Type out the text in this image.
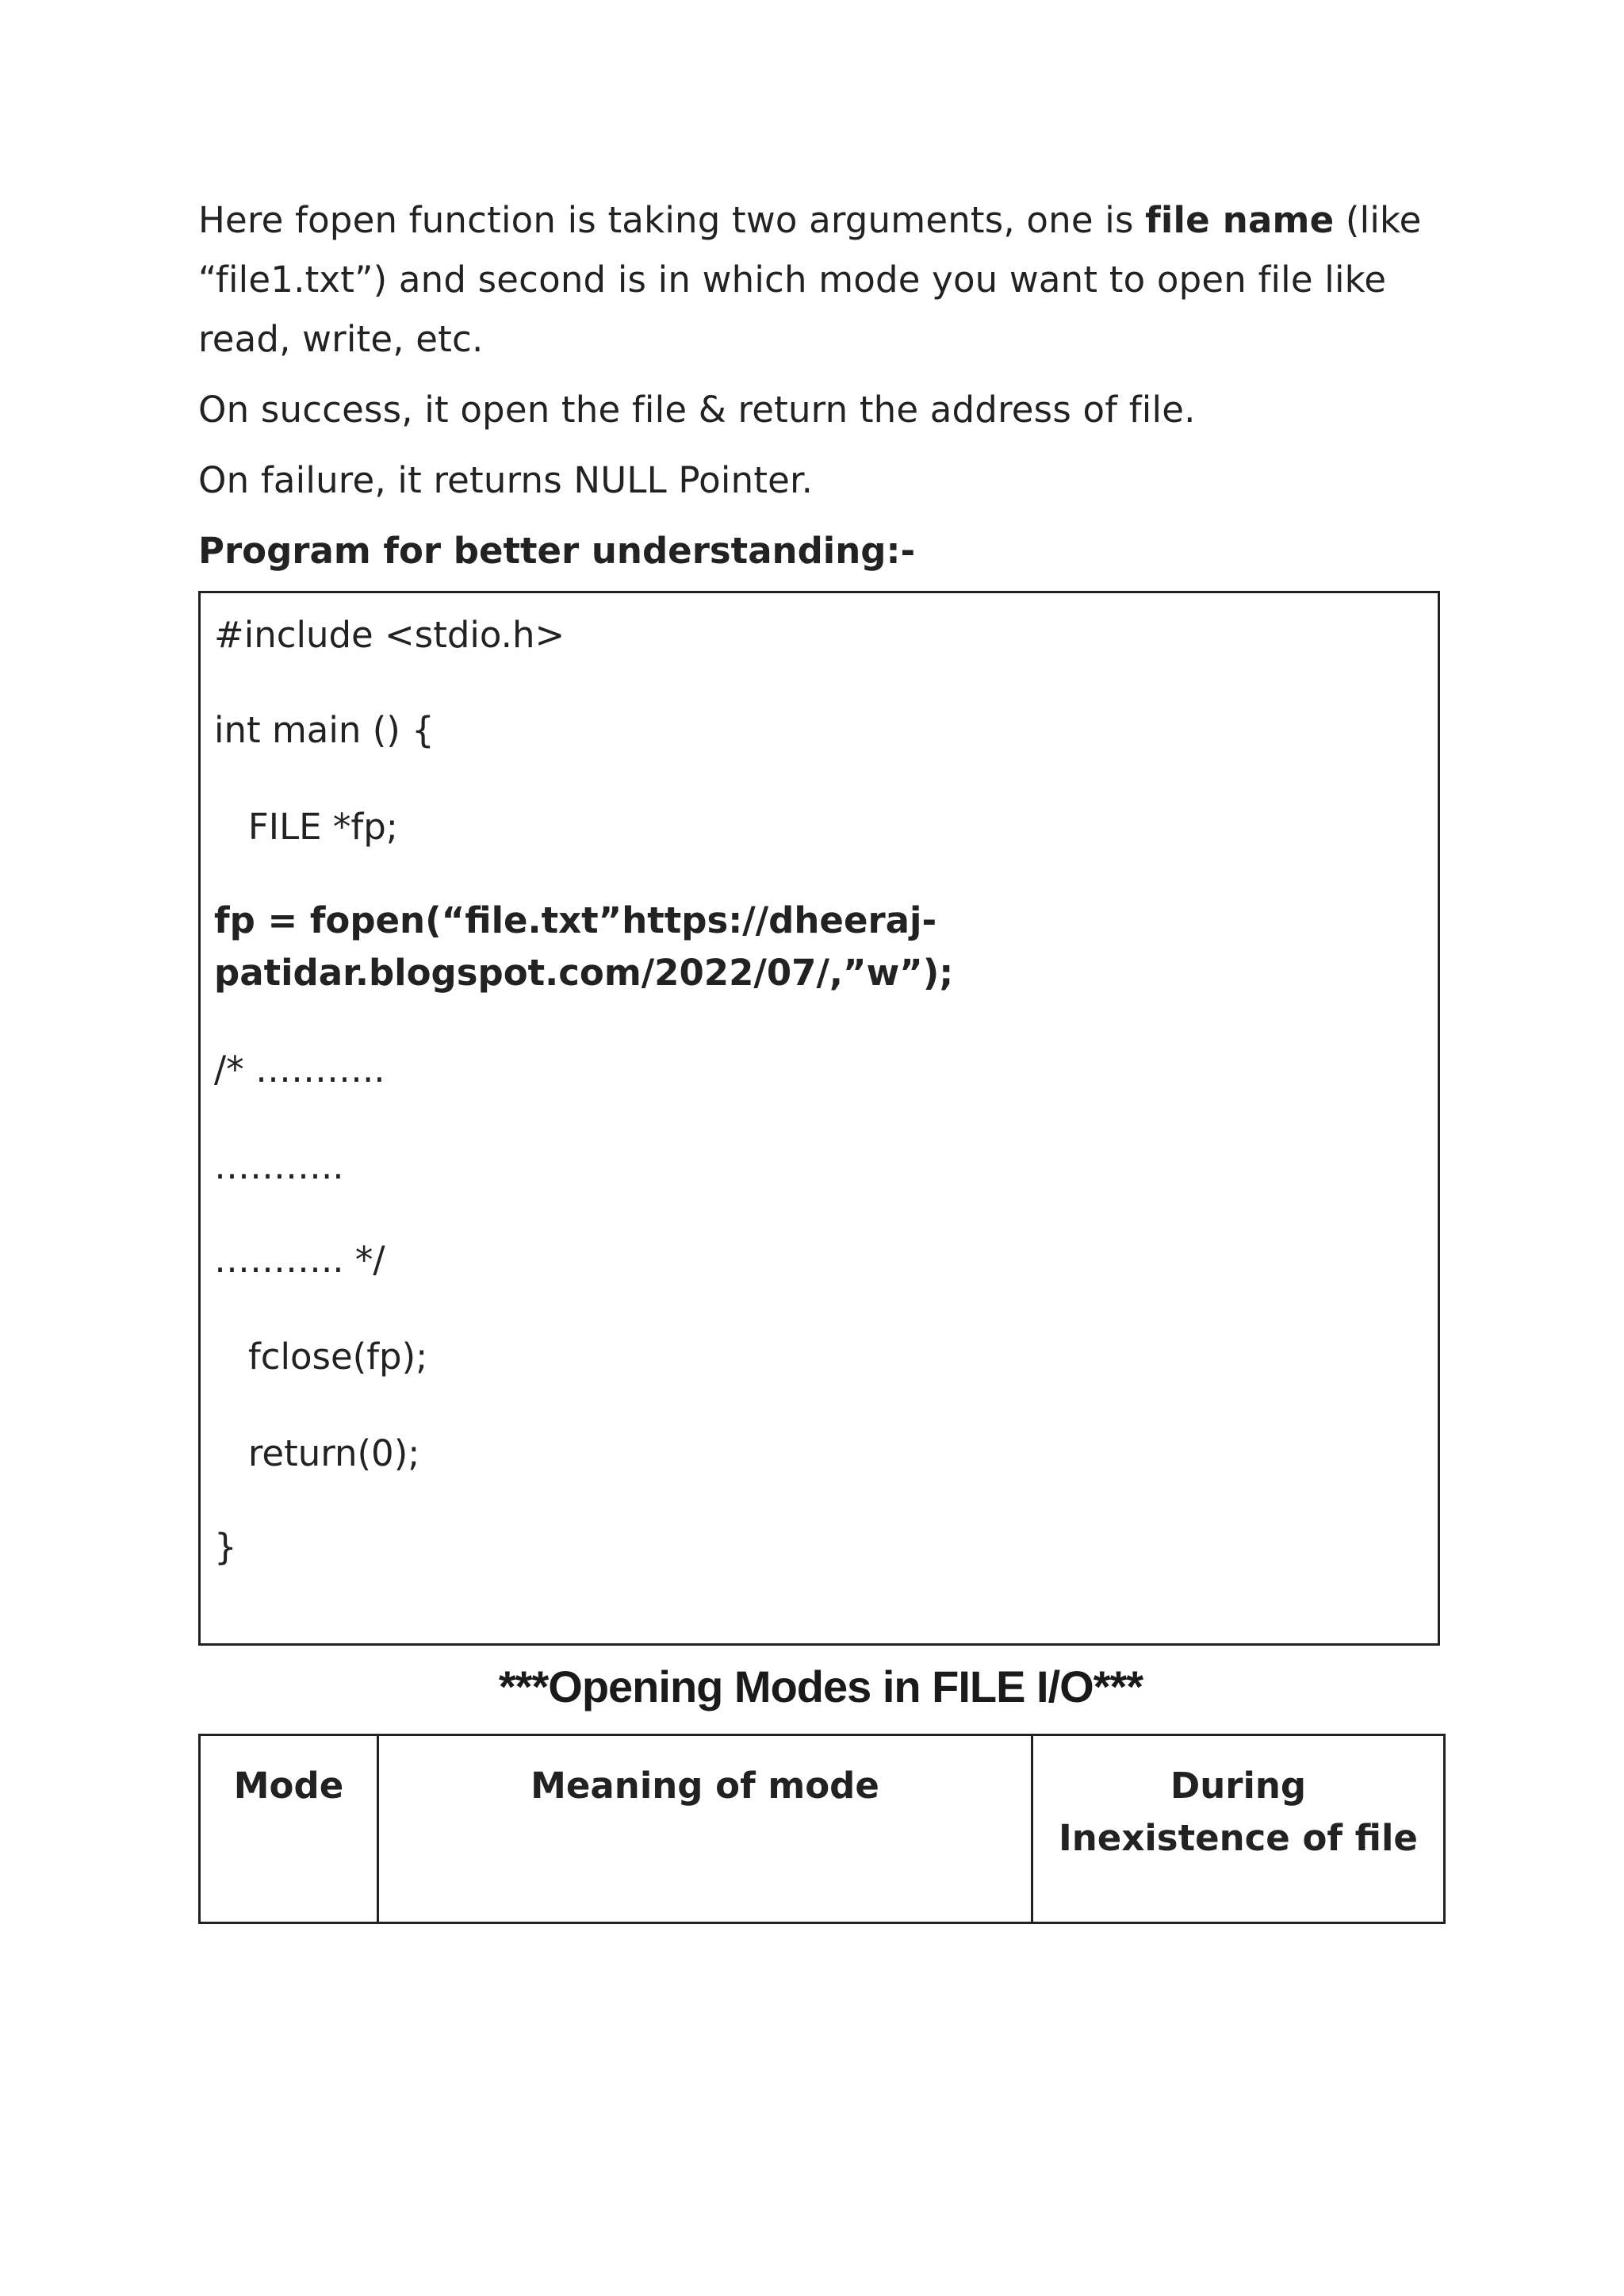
Here fopen function is taking two arguments, one is file name (like “file1.txt”) and second is in which mode you want to open file like read, write, etc.

On success, it open the file & return the address of file.

On failure, it returns NULL Pointer.

Program for better understanding:-

#include <stdio.h>
int main () {
FILE *fp;
fp = fopen(“file.txt”https://dheeraj-
patidar.blogspot.com/2022/07/,”w”);
/* ………..
………..
……….. */
fclose(fp);
return(0);
}
***Opening Modes in FILE I/O***
Mode	Meaning of mode	During
Inexistence of file
